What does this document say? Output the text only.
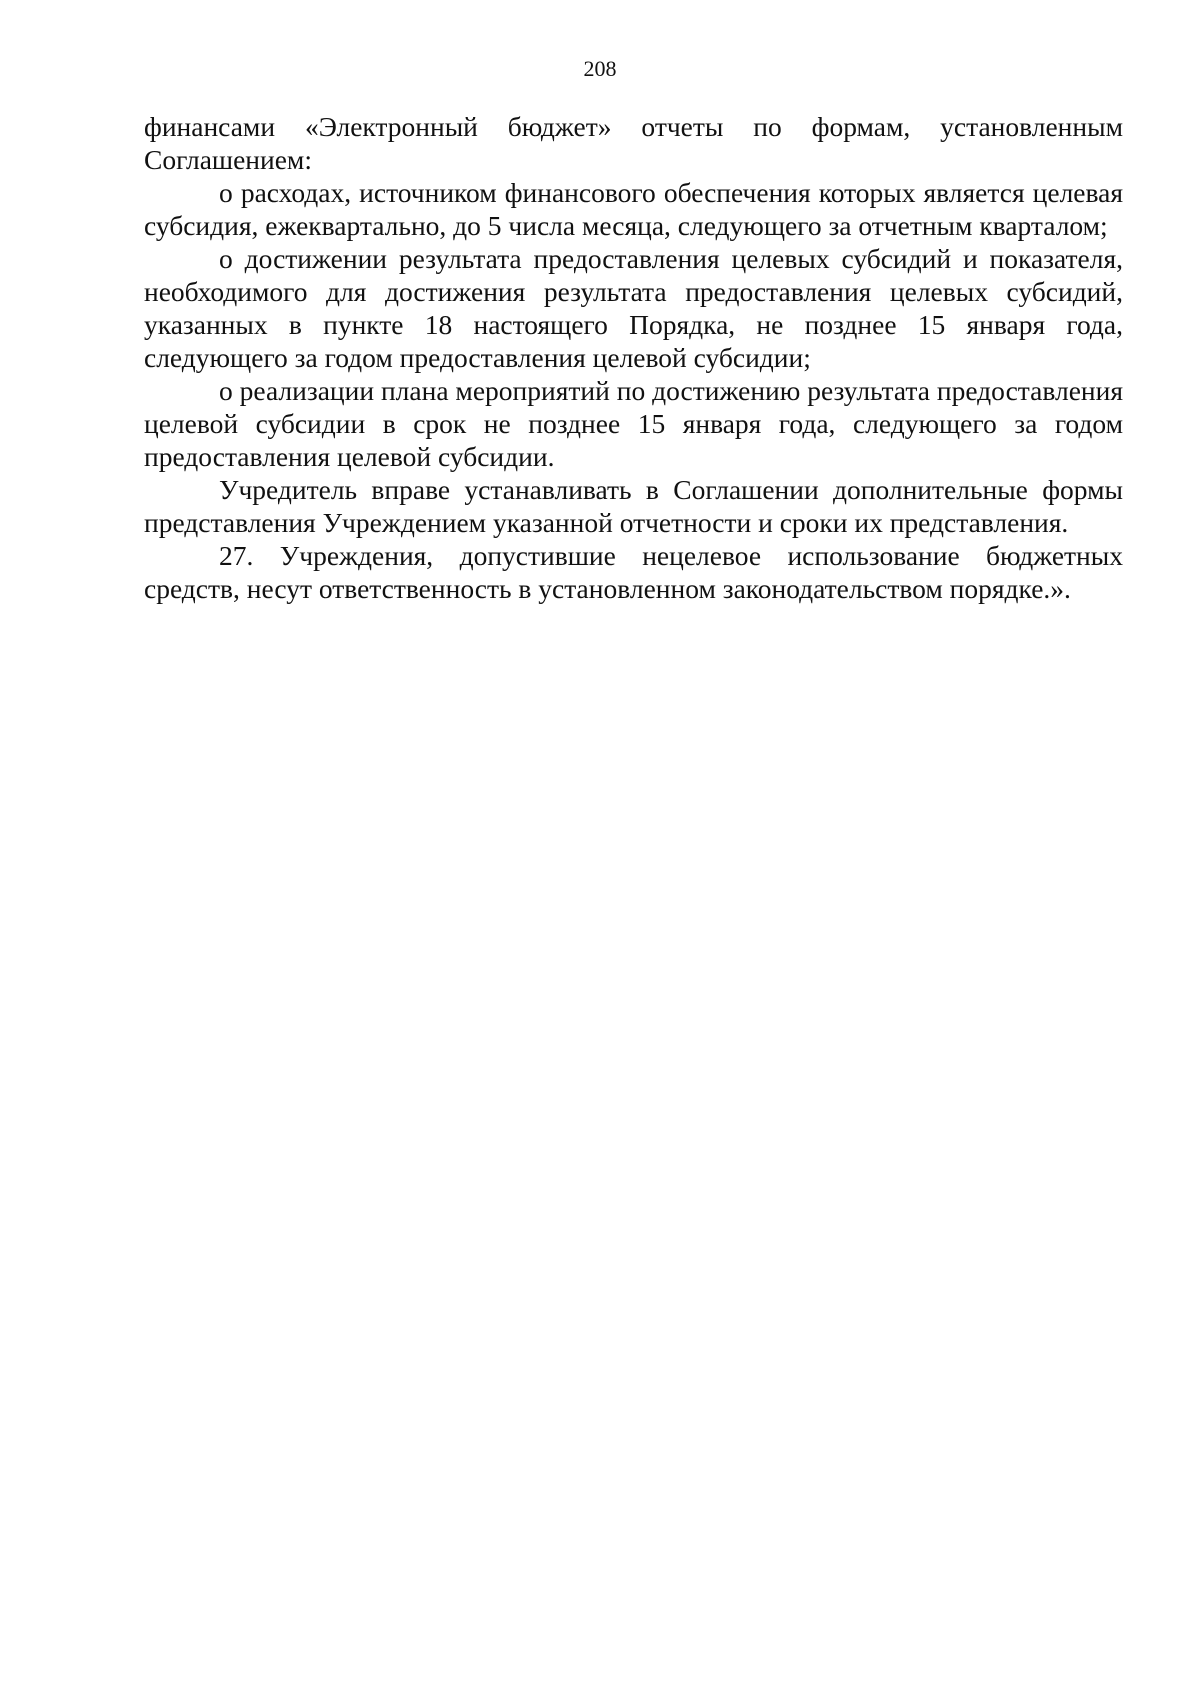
208

финансами «Электронный бюджет» отчеты по формам, установленным Соглашением:

о расходах, источником финансового обеспечения которых является целевая субсидия, ежеквартально, до 5 числа месяца, следующего за отчетным кварталом;

о достижении результата предоставления целевых субсидий и показателя, необходимого для достижения результата предоставления целевых субсидий, указанных в пункте 18 настоящего Порядка, не позднее 15 января года, следующего за годом предоставления целевой субсидии;

о реализации плана мероприятий по достижению результата предоставления целевой субсидии в срок не позднее 15 января года, следующего за годом предоставления целевой субсидии.

Учредитель вправе устанавливать в Соглашении дополнительные формы представления Учреждением указанной отчетности и сроки их представления.

27. Учреждения, допустившие нецелевое использование бюджетных средств, несут ответственность в установленном законодательством порядке.».
